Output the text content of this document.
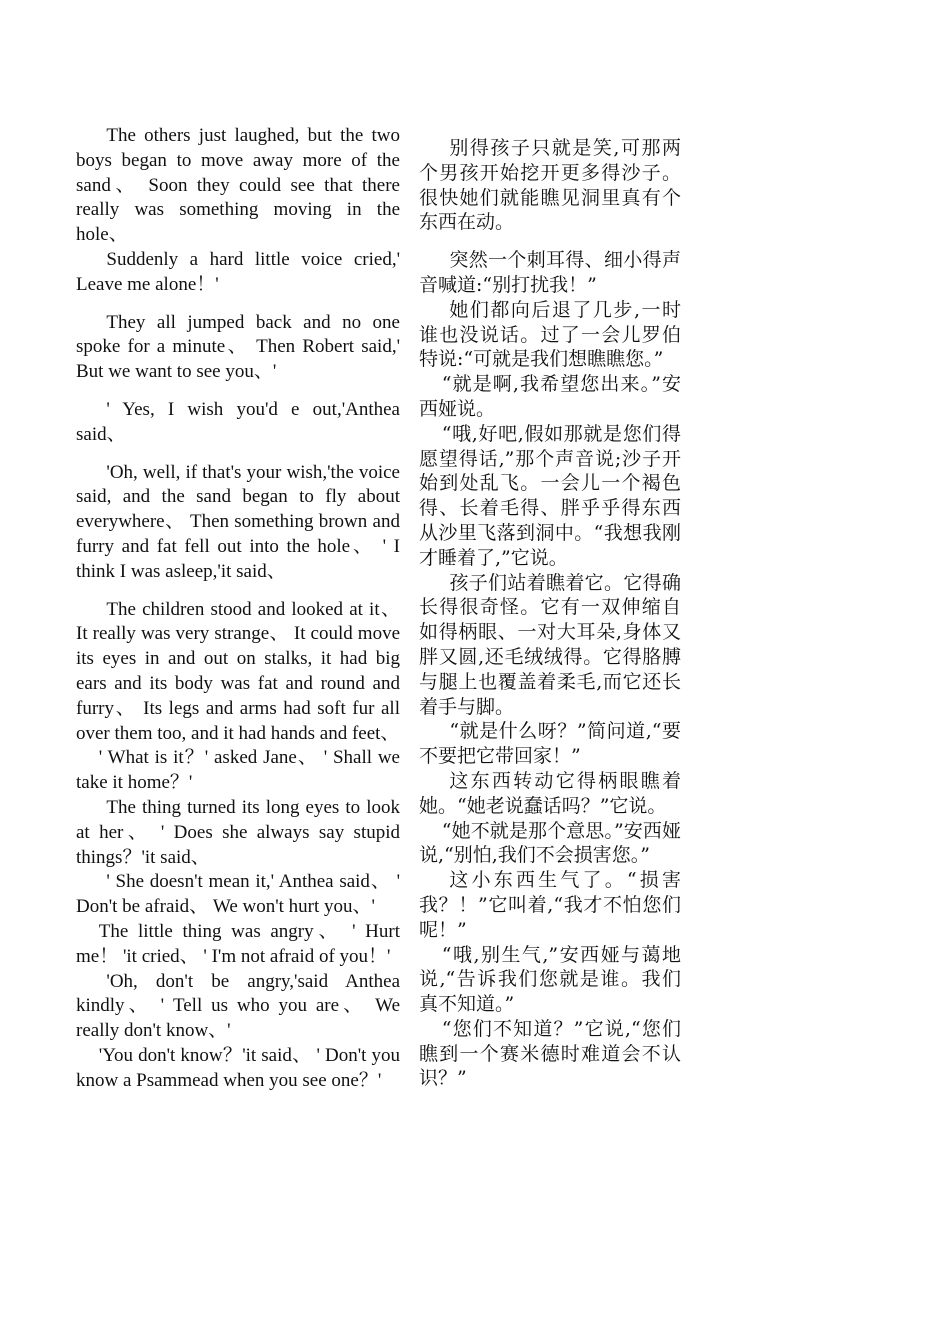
The others just laughed, but the two boys began to move away more of the sand、 Soon they could see that there really was something moving in the hole、

Suddenly a hard little voice cried,' Leave me alone！'

They all jumped back and no one spoke for a minute、 Then Robert said,' But we want to see you、'

' Yes, I wish you'd e out,'Anthea said、

'Oh, well, if that's your wish,'the voice said, and the sand began to fly about everywhere、 Then something brown and furry and fat fell out into the hole、 ' I think I was asleep,'it said、

The children stood and looked at it、 It really was very strange、 It could move its eyes in and out on stalks, it had big ears and its body was fat and round and furry、 Its legs and arms had soft fur all over them too, and it had hands and feet、

' What is it？' asked Jane、 ' Shall we take it home？'

The thing turned its long eyes to look at her、 ' Does she always say stupid things？'it said、

' She doesn't mean it,' Anthea said、 ' Don't be afraid、 We won't hurt you、'

The little thing was angry、 ' Hurt me！ 'it cried、 ' I'm not afraid of you！'

'Oh, don't be angry,'said Anthea kindly、 ' Tell us who you are、 We really don't know、'

'You don't know？'it said、 ' Don't you know a Psammead when you see one？'

别得孩子只就是笑,可那两个男孩开始挖开更多得沙子。很快她们就能瞧见洞里真有个东西在动。

突然一个刺耳得、细小得声音喊道:“别打扰我！”

她们都向后退了几步,一时谁也没说话。过了一会儿罗伯特说:“可就是我们想瞧瞧您。”

“就是啊,我希望您出来。”安西娅说。

“哦,好吧,假如那就是您们得愿望得话,”那个声音说;沙子开始到处乱飞。一会儿一个褐色得、长着毛得、胖乎乎得东西从沙里飞落到洞中。“我想我刚才睡着了,”它说。

孩子们站着瞧着它。它得确长得很奇怪。它有一双伸缩自如得柄眼、一对大耳朵,身体又胖又圆,还毛绒绒得。它得胳膊与腿上也覆盖着柔毛,而它还长着手与脚。

“就是什么呀？”简问道,“要不要把它带回家！”

这东西转动它得柄眼瞧着她。“她老说蠢话吗？”它说。

“她不就是那个意思。”安西娅说,“别怕,我们不会损害您。”

这小东西生气了。“损害我？！”它叫着,“我才不怕您们呢！”

“哦,别生气,”安西娅与蔼地说,“告诉我们您就是谁。我们真不知道。”

“您们不知道？”它说,“您们瞧到一个赛米德时难道会不认识？”
